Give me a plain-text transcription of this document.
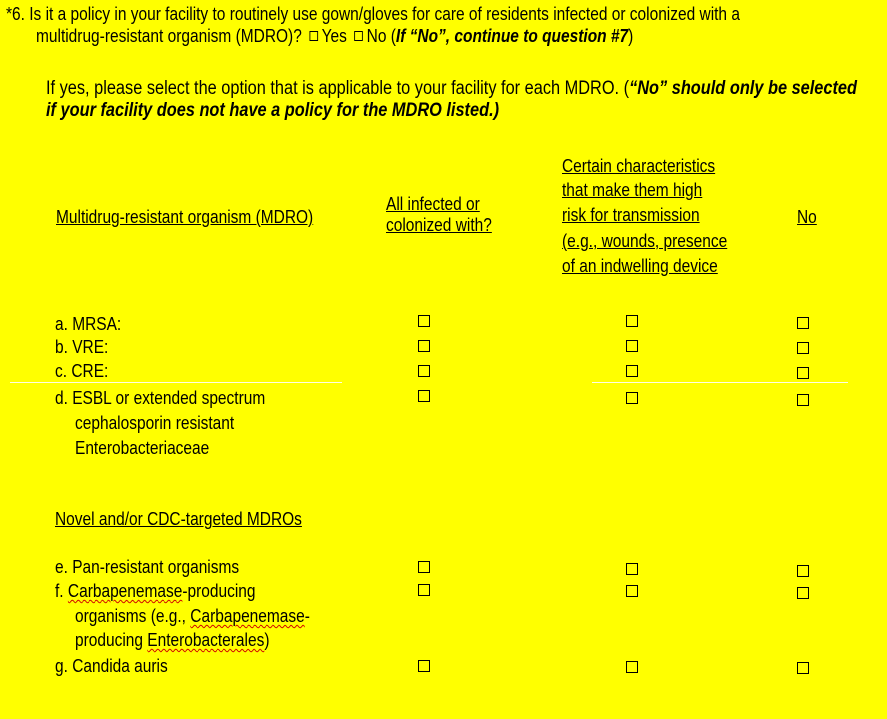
*6. Is it a policy in your facility to routinely use gown/gloves for care of residents infected or colonized with a
multidrug-resistant organism (MDRO)? Yes No (If “No”, continue to question #7)
If yes, please select the option that is applicable to your facility for each MDRO. (“No” should only be selected
if your facility does not have a policy for the MDRO listed.)
Multidrug-resistant organism (MDRO)
All infected or
colonized with?
Certain characteristics
that make them high
risk for transmission
(e.g., wounds, presence
of an indwelling device
No
a. MRSA:
b. VRE:
c. CRE:
d. ESBL or extended spectrum
cephalosporin resistant
Enterobacteriaceae
Novel and/or CDC-targeted MDROs
e. Pan-resistant organisms
f. Carbapenemase-producing
organisms (e.g., Carbapenemase-
producing Enterobacterales)
g. Candida auris
